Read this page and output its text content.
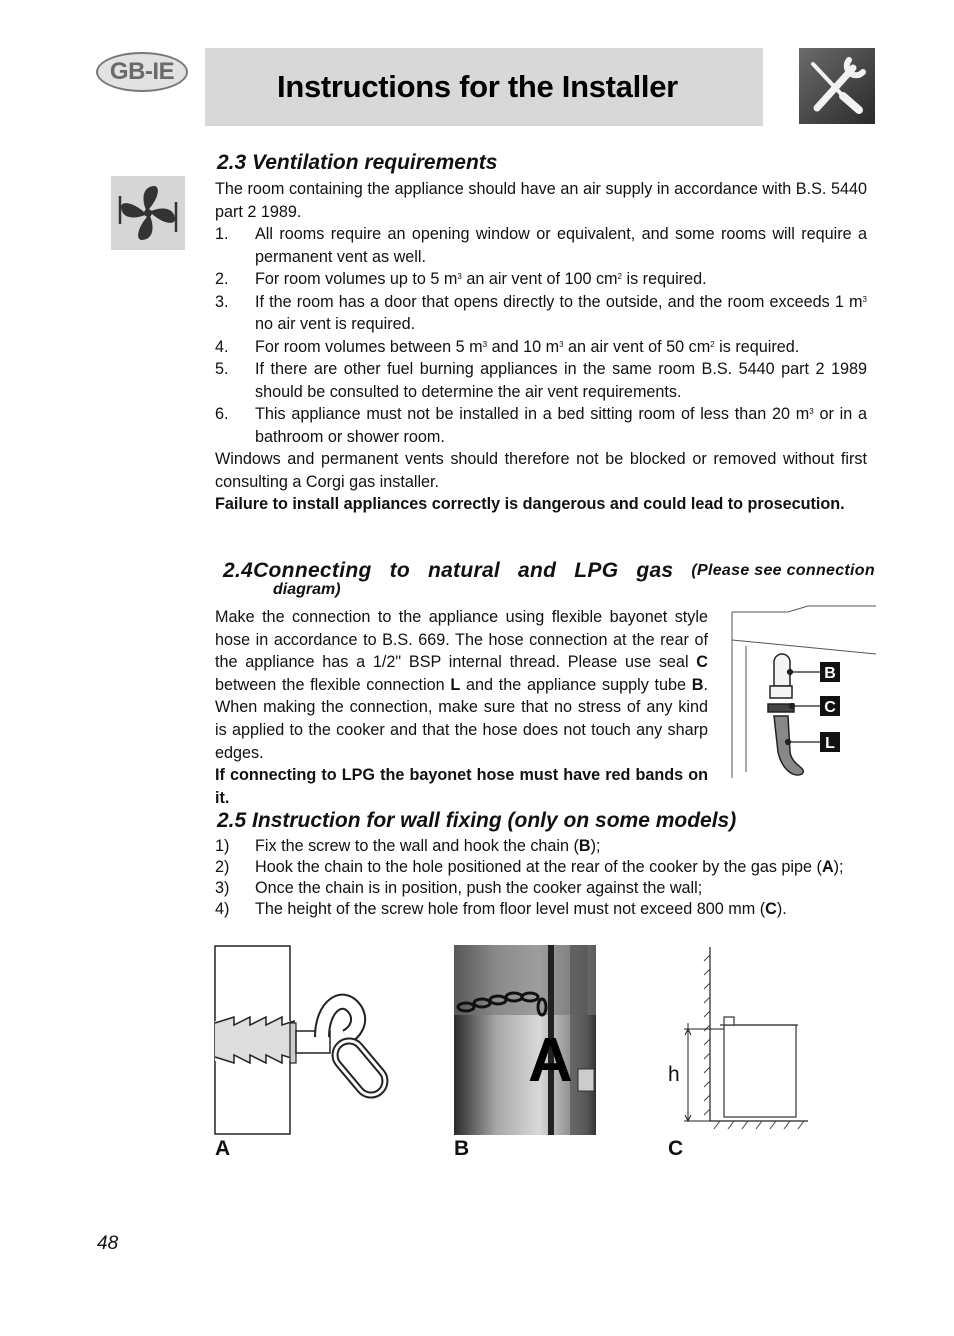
GB-IE	Instructions for the Installer
2.3 Ventilation requirements

The room containing the appliance should have an air supply in accordance with B.S. 5440 part 2 1989.

1. All rooms require an opening window or equivalent, and some rooms will require a permanent vent as well.
2. For room volumes up to 5 $m^3$ an air vent of 100 $cm^2$ is required.
3. If the room has a door that opens directly to the outside, and the room exceeds 1 $m^3$ no air vent is required.
4. For room volumes between 5 $m^3$ and 10 $m^3$ an air vent of 50 $cm^2$ is required.
5. If there are other fuel burning appliances in the same room B.S. 5440 part 2 1989 should be consulted to determine the air vent requirements.
6. This appliance must not be installed in a bed sitting room of less than 20 $m^3$ or in a bathroom or shower room.

Windows and permanent vents should therefore not be blocked or removed without first consulting a Corgi gas installer.

Failure to install appliances correctly is dangerous and could lead to prosecution.

2.4Connecting to natural and LPG gas (Please see connection
diagram)

Make the connection to the appliance using flexible bayonet style hose in accordance to B.S. 669. The hose connection at the rear of the appliance has a 1/2" BSP internal thread. Please use seal C between the flexible connection L and the appliance supply tube B. When making the connection, make sure that no stress of any kind is applied to the cooker and that the hose does not touch any sharp edges.

If connecting to LPG the bayonet hose must have red bands on it.

B
C
L
2.5 Instruction for wall fixing (only on some models)
1) Fix the screw to the wall and hook the chain (B);
2) Hook the chain to the hole positioned at the rear of the cooker by the gas pipe (A);
3) Once the chain is in position, push the cooker against the wall;
4) The height of the screw hole from floor level must not exceed 800 mm (C).
A	h
A	B	C
48
